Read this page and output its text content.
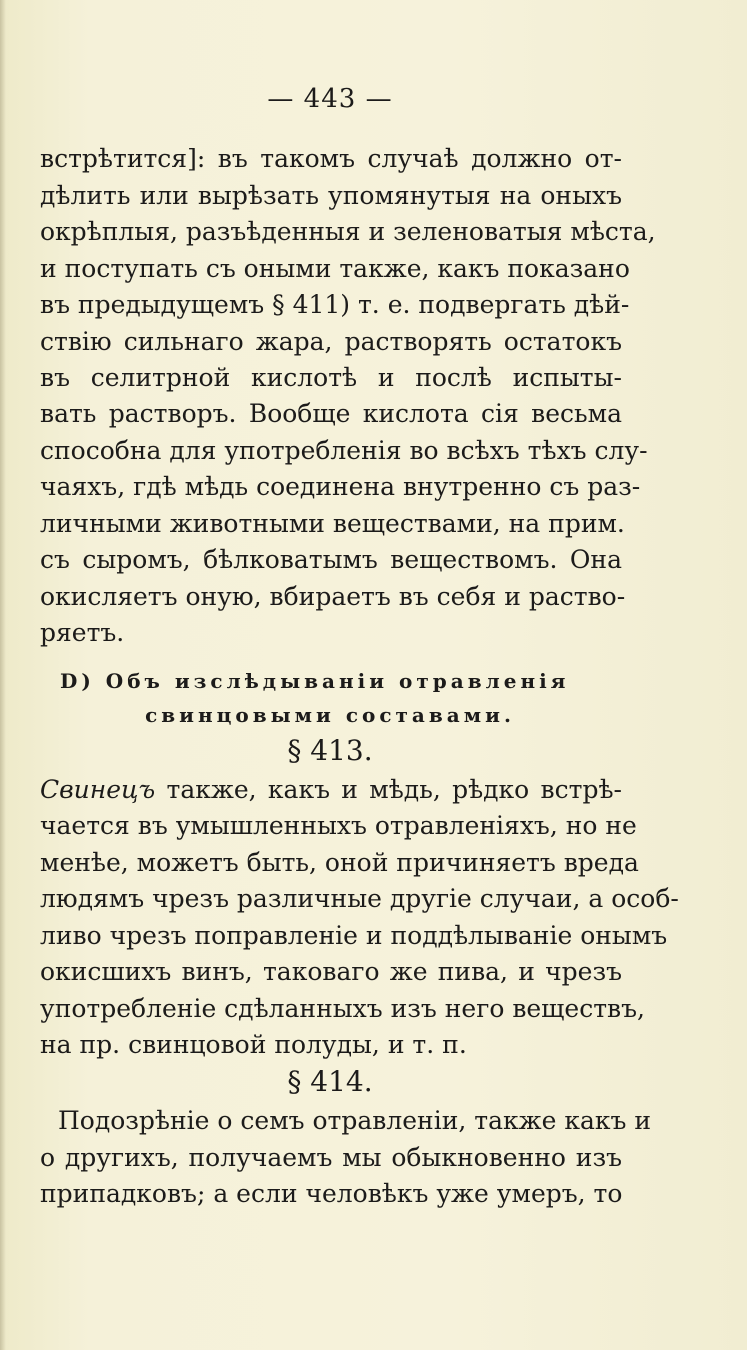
— 443 —
встрѣтится]: въ такомъ случаѣ должно от-
дѣлить или вырѣзать упомянутыя на оныхъ
окрѣплыя, разъѣденныя и зеленоватыя мѣста,
и поступать съ оными также, какъ показано
въ предыдущемъ § 411) т. е. подвергать дѣй-
ствію сильнаго жара, растворять остатокъ
въ селитрной кислотѣ и послѣ испыты-
вать растворъ. Вообще кислота сія весьма
способна для употребленія во всѣхъ тѣхъ слу-
чаяхъ, гдѣ мѣдь соединена внутренно съ раз-
личными животными веществами, на прим.
съ сыромъ, бѣлковатымъ веществомъ. Она
окисляетъ оную, вбираетъ въ себя и раство-
ряетъ.
D) Объ изслѣдываніи отравленія
свинцовыми составами.
§ 413.
Свинецъ также, какъ и мѣдь, рѣдко встрѣ-
чается въ умышленныхъ отравленіяхъ, но не
менѣе, можетъ быть, оной причиняетъ вреда
людямъ чрезъ различные другіе случаи, а особ-
ливо чрезъ поправленіе и поддѣлываніе онымъ
окисшихъ винъ, таковаго же пива, и чрезъ
употребленіе сдѣланныхъ изъ него веществъ,
на пр. свинцовой полуды, и т. п.
§ 414.
Подозрѣніе о семъ отравленіи, также какъ и
о другихъ, получаемъ мы обыкновенно изъ
припадковъ; а если человѣкъ уже умеръ, то
